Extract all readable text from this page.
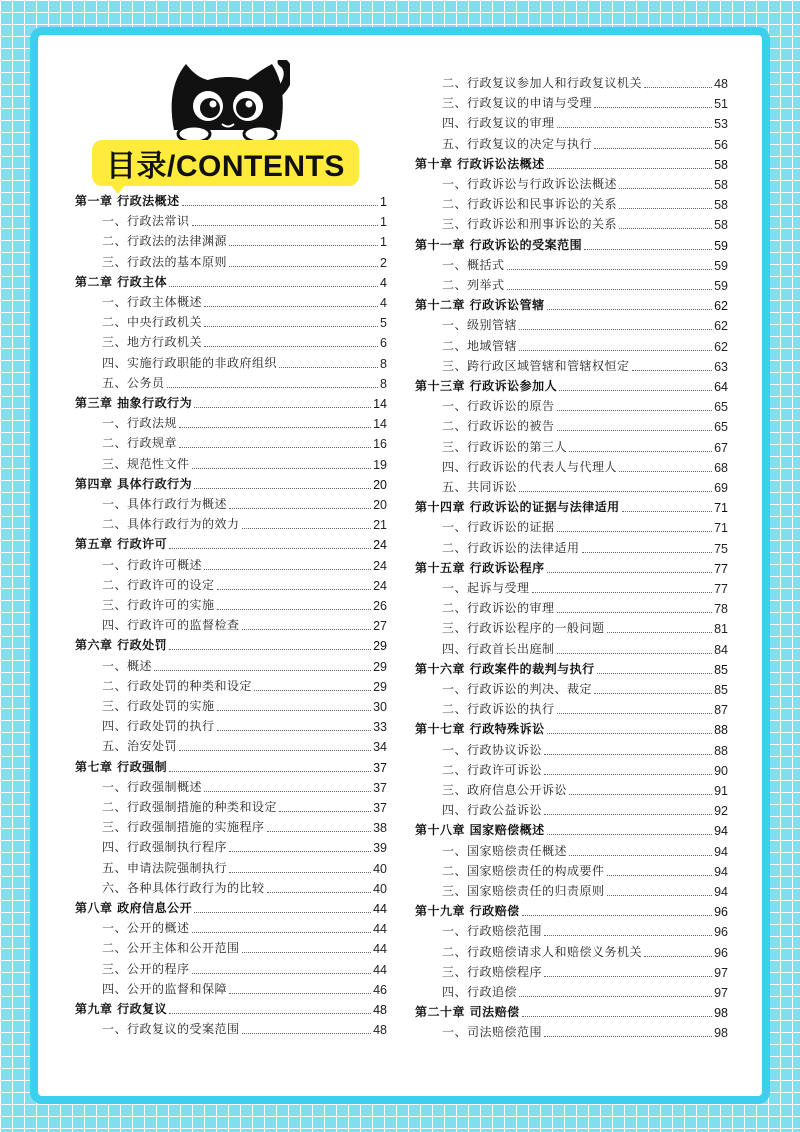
目录/CONTENTS
第一章 行政法概述	1
一、行政法常识	1
二、行政法的法律渊源	1
三、行政法的基本原则	2
第二章 行政主体	4
一、行政主体概述	4
二、中央行政机关	5
三、地方行政机关	6
四、实施行政职能的非政府组织	8
五、公务员	8
第三章 抽象行政行为	14
一、行政法规	14
二、行政规章	16
三、规范性文件	19
第四章 具体行政行为	20
一、具体行政行为概述	20
二、具体行政行为的效力	21
第五章 行政许可	24
一、行政许可概述	24
二、行政许可的设定	24
三、行政许可的实施	26
四、行政许可的监督检查	27
第六章 行政处罚	29
一、概述	29
二、行政处罚的种类和设定	29
三、行政处罚的实施	30
四、行政处罚的执行	33
五、治安处罚	34
第七章 行政强制	37
一、行政强制概述	37
二、行政强制措施的种类和设定	37
三、行政强制措施的实施程序	38
四、行政强制执行程序	39
五、申请法院强制执行	40
六、各种具体行政行为的比较	40
第八章 政府信息公开	44
一、公开的概述	44
二、公开主体和公开范围	44
三、公开的程序	44
四、公开的监督和保障	46
第九章 行政复议	48
一、行政复议的受案范围	48
二、行政复议参加人和行政复议机关	48
三、行政复议的申请与受理	51
四、行政复议的审理	53
五、行政复议的决定与执行	56
第十章 行政诉讼法概述	58
一、行政诉讼与行政诉讼法概述	58
二、行政诉讼和民事诉讼的关系	58
三、行政诉讼和刑事诉讼的关系	58
第十一章 行政诉讼的受案范围	59
一、概括式	59
二、列举式	59
第十二章 行政诉讼管辖	62
一、级别管辖	62
二、地域管辖	62
三、跨行政区域管辖和管辖权恒定	63
第十三章 行政诉讼参加人	64
一、行政诉讼的原告	65
二、行政诉讼的被告	65
三、行政诉讼的第三人	67
四、行政诉讼的代表人与代理人	68
五、共同诉讼	69
第十四章 行政诉讼的证据与法律适用	71
一、行政诉讼的证据	71
二、行政诉讼的法律适用	75
第十五章 行政诉讼程序	77
一、起诉与受理	77
二、行政诉讼的审理	78
三、行政诉讼程序的一般问题	81
四、行政首长出庭制	84
第十六章 行政案件的裁判与执行	85
一、行政诉讼的判决、裁定	85
二、行政诉讼的执行	87
第十七章 行政特殊诉讼	88
一、行政协议诉讼	88
二、行政许可诉讼	90
三、政府信息公开诉讼	91
四、行政公益诉讼	92
第十八章 国家赔偿概述	94
一、国家赔偿责任概述	94
二、国家赔偿责任的构成要件	94
三、国家赔偿责任的归责原则	94
第十九章 行政赔偿	96
一、行政赔偿范围	96
二、行政赔偿请求人和赔偿义务机关	96
三、行政赔偿程序	97
四、行政追偿	97
第二十章 司法赔偿	98
一、司法赔偿范围	98
